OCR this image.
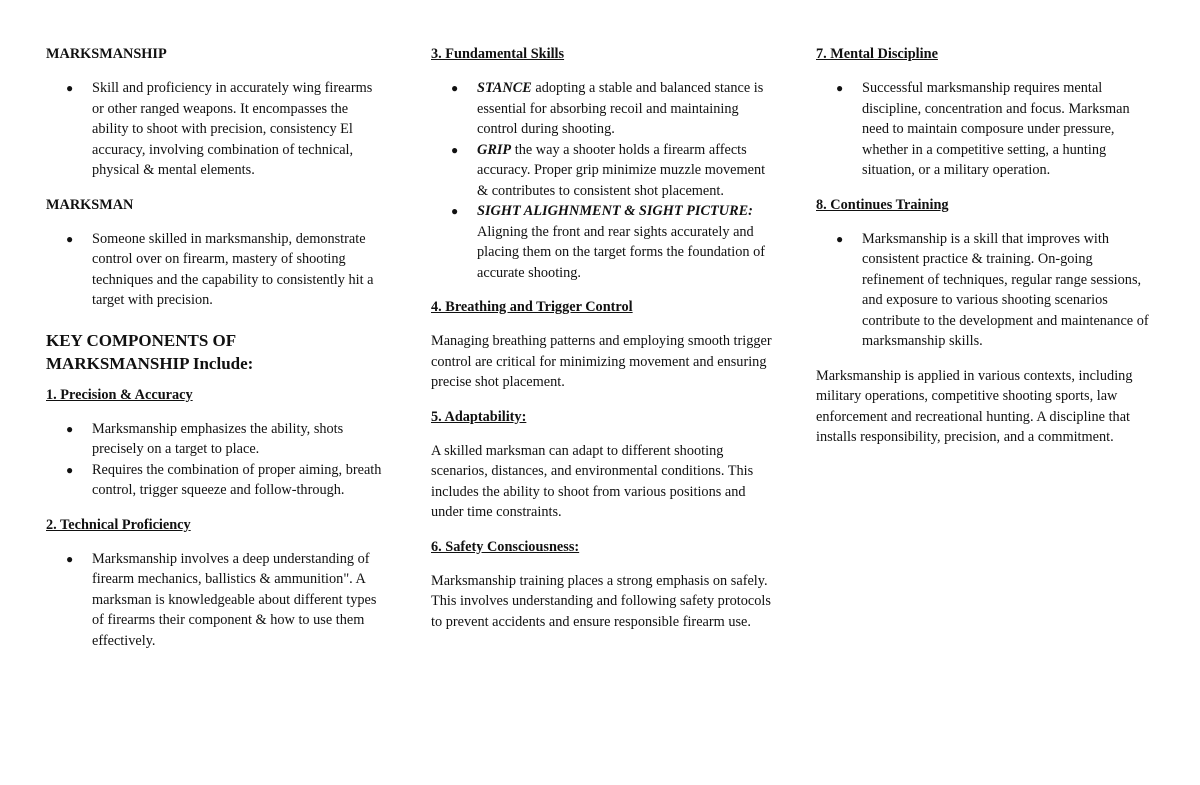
MARKSMANSHIP
● Skill and proficiency in accurately wing firearms or other ranged weapons. It encompasses the ability to shoot with precision, consistency El accuracy, involving combination of technical, physical & mental elements.
MARKSMAN
● Someone skilled in marksmanship, demonstrate control over on firearm, mastery of shooting techniques and the capability to consistently hit a target with precision.
KEY COMPONENTS OF
MARKSMANSHIP Include:
1. Precision & Accuracy
● Marksmanship emphasizes the ability, shots precisely on a target to place.
● Requires the combination of proper aiming, breath control, trigger squeeze and follow-through.
2. Technical Proficiency
● Marksmanship involves a deep understanding of firearm mechanics, ballistics & ammunition". A marksman is knowledgeable about different types of firearms their component & how to use them effectively.
3. Fundamental Skills
● STANCE adopting a stable and balanced stance is essential for absorbing recoil and maintaining control during shooting.
● GRIP the way a shooter holds a firearm affects accuracy. Proper grip minimize muzzle movement & contributes to consistent shot placement.
● SIGHT ALIGHNMENT & SIGHT PICTURE: Aligning the front and rear sights accurately and placing them on the target forms the foundation of accurate shooting.
4. Breathing and Trigger Control

Managing breathing patterns and employing smooth trigger control are critical for minimizing movement and ensuring precise shot placement.

5. Adaptability:

A skilled marksman can adapt to different shooting scenarios, distances, and environmental conditions. This includes the ability to shoot from various positions and under time constraints.

6. Safety Consciousness:

Marksmanship training places a strong emphasis on safely. This involves understanding and following safety protocols to prevent accidents and ensure responsible firearm use.

7. Mental Discipline
● Successful marksmanship requires mental discipline, concentration and focus. Marksman need to maintain composure under pressure, whether in a competitive setting, a hunting situation, or a military operation.
8. Continues Training
● Marksmanship is a skill that improves with consistent practice & training. On-going refinement of techniques, regular range sessions, and exposure to various shooting scenarios contribute to the development and maintenance of marksmanship skills.

Marksmanship is applied in various contexts, including military operations, competitive shooting sports, law enforcement and recreational hunting. A discipline that installs responsibility, precision, and a commitment.
